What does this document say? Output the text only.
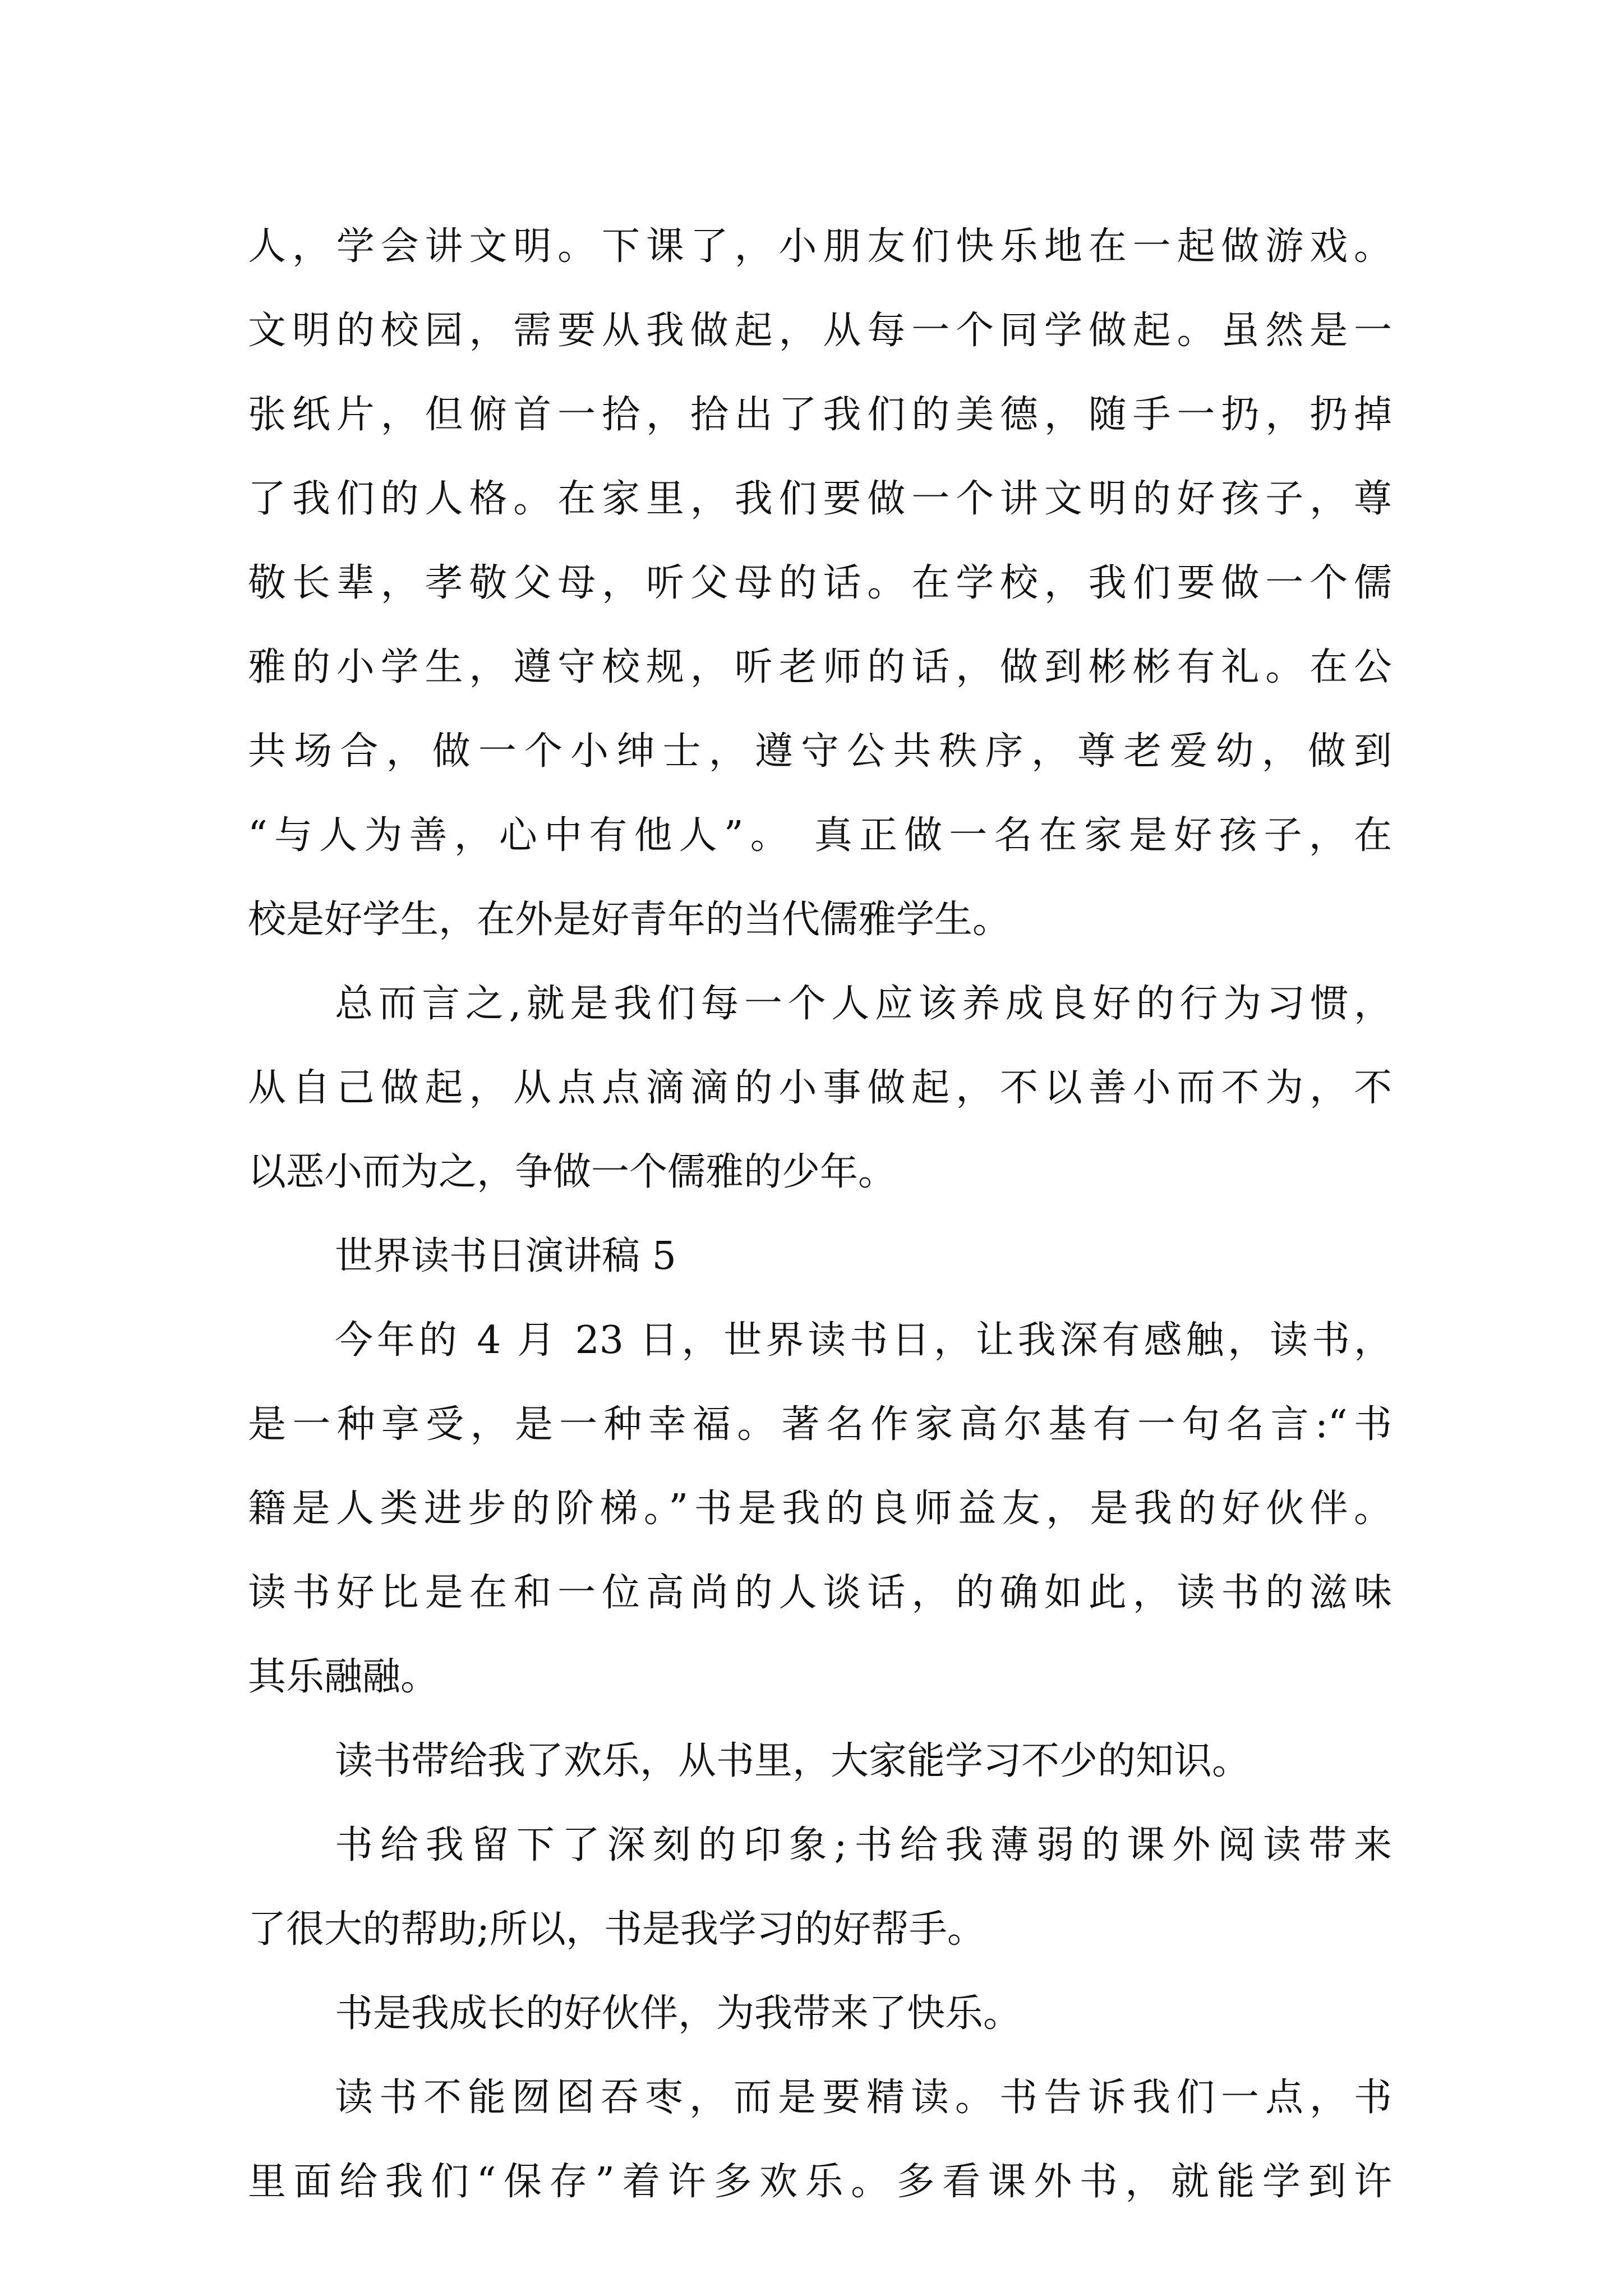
人，学会讲文明。下课了，小朋友们快乐地在一起做游戏。
文明的校园，需要从我做起，从每一个同学做起。虽然是一
张纸片，但俯首一拾，拾出了我们的美德，随手一扔，扔掉
了我们的人格。在家里，我们要做一个讲文明的好孩子，尊
敬长辈，孝敬父母，听父母的话。在学校，我们要做一个儒
雅的小学生，遵守校规，听老师的话，做到彬彬有礼。在公
共场合，做一个小绅士，遵守公共秩序，尊老爱幼，做到
“与人为善，心中有他人”。 真正做一名在家是好孩子，在
校是好学生，在外是好青年的当代儒雅学生。
总而言之,就是我们每一个人应该养成良好的行为习惯，
从自己做起，从点点滴滴的小事做起，不以善小而不为，不
以恶小而为之，争做一个儒雅的少年。
世界读书日演讲稿 5
今年的 4 月 23 日，世界读书日，让我深有感触，读书，
是一种享受，是一种幸福。著名作家高尔基有一句名言:“书
籍是人类进步的阶梯。”书是我的良师益友，是我的好伙伴。
读书好比是在和一位高尚的人谈话，的确如此，读书的滋味
其乐融融。
读书带给我了欢乐，从书里，大家能学习不少的知识。
书给我留下了深刻的印象;书给我薄弱的课外阅读带来
了很大的帮助;所以，书是我学习的好帮手。
书是我成长的好伙伴，为我带来了快乐。
读书不能囫囵吞枣，而是要精读。书告诉我们一点，书
里面给我们“保存”着许多欢乐。多看课外书，就能学到许
